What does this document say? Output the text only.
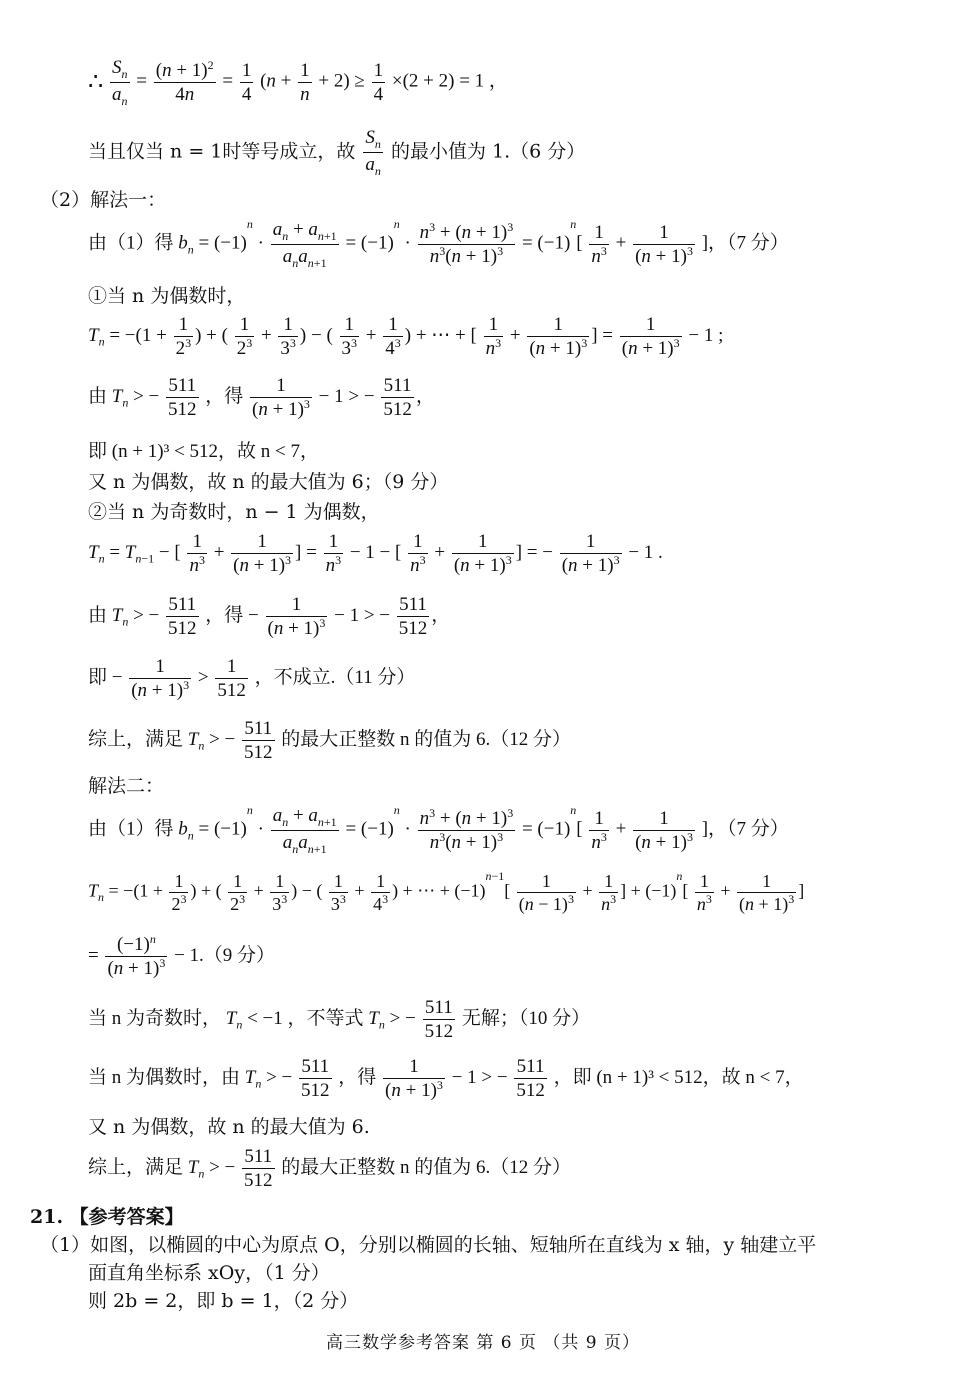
∴ $\frac{S_n}{a_n} = \frac{(n + 1)^2}{4n} = \frac{1}{4} (n + \frac{1}{n} + 2) \ge \frac{1}{4} \times(2 + 2) = 1$ ，
当且仅当 n = 1时等号成立，故 $\frac{S_n}{a_n}$ 的最小值为 1.（6 分）
（2）解法一：
由（1）得 $b_n = (-1)^n \cdot \frac{a_n + a_{n+1}}{a_na_{n+1}} = (-1)^n \cdot \frac{n^3 + (n + 1)^3}{n^3(n + 1)^3} = (-1)^n[ \frac{1}{n^3} + \frac{1}{(n + 1)^3}$ ]，（7 分）
①当 n 为偶数时，
$T_n = -(1 + \frac{1}{2^3}$ ) + ( $\frac{1}{2^3} + \frac{1}{3^3}$ ) − ( $\frac{1}{3^3} + \frac{1}{4^3}$ ) + ⋯ + [ $\frac{1}{n^3} + \frac{1}{(n + 1)^3}$ ] = $\frac{1}{(n + 1)^3} - 1$ ;
由 $T_n$ > − $\frac{511}{512}$ ，得 $\frac{1}{(n + 1)^3} - 1$ > − $\frac{511}{512}$ ，
即 (n + 1)³ < 512，故 n < 7，
又 n 为偶数，故 n 的最大值为 6；（9 分）
②当 n 为奇数时，n − 1 为偶数，
$T_n = T_{n-1}$ − [ $\frac{1}{n^3} + \frac{1}{(n + 1)^3}$ ] = $\frac{1}{n^3} - 1$ − [ $\frac{1}{n^3} + \frac{1}{(n + 1)^3}$ ] = − $\frac{1}{(n + 1)^3} - 1$ .
由 $T_n$ > − $\frac{511}{512}$ ，得 − $\frac{1}{(n + 1)^3} - 1$ > − $\frac{511}{512}$ ，
即 − $\frac{1}{(n + 1)^3} > \frac{1}{512}$ ，不成立.（11 分）
综上，满足 $T_n$ > − $\frac{511}{512}$ 的最大正整数 n 的值为 6.（12 分）
解法二：
由（1）得 $b_n = (-1)^n \cdot \frac{a_n + a_{n+1}}{a_na_{n+1}} = (-1)^n \cdot \frac{n^3 + (n + 1)^3}{n^3(n + 1)^3} = (-1)^n[ \frac{1}{n^3} + \frac{1}{(n + 1)^3}$ ]，（7 分）
$T_n = -(1 + \frac{1}{2^3}$ ) + ( $\frac{1}{2^3} + \frac{1}{3^3}$ ) − ( $\frac{1}{3^3} + \frac{1}{4^3}$ ) + ⋯ + $(-1)^{n-1}[ \frac{1}{(n - 1)^3} + \frac{1}{n^3}$ ] + $(-1)^n[ \frac{1}{n^3} + \frac{1}{(n + 1)^3}$ ]
= $\frac{(-1)^n}{(n + 1)^3} - 1.(9$ 分）
当 n 为奇数时， $T_n < -1$ ，不等式 $T_n$ > − $\frac{511}{512}$ 无解；（10 分）
当 n 为偶数时，由 $T_n$ > − $\frac{511}{512}$ ，得 $\frac{1}{(n + 1)^3} - 1$ > − $\frac{511}{512}$ ，即 (n + 1)³ < 512，故 n < 7，
又 n 为偶数，故 n 的最大值为 6.
综上，满足 $T_n$ > − $\frac{511}{512}$ 的最大正整数 n 的值为 6.（12 分）
21. 【参考答案】
（1）如图，以椭圆的中心为原点 O，分别以椭圆的长轴、短轴所在直线为 x 轴，y 轴建立平
面直角坐标系 xOy，（1 分）
则 2b = 2，即 b = 1，（2 分）
高三数学参考答案 第 6 页 （共 9 页）
